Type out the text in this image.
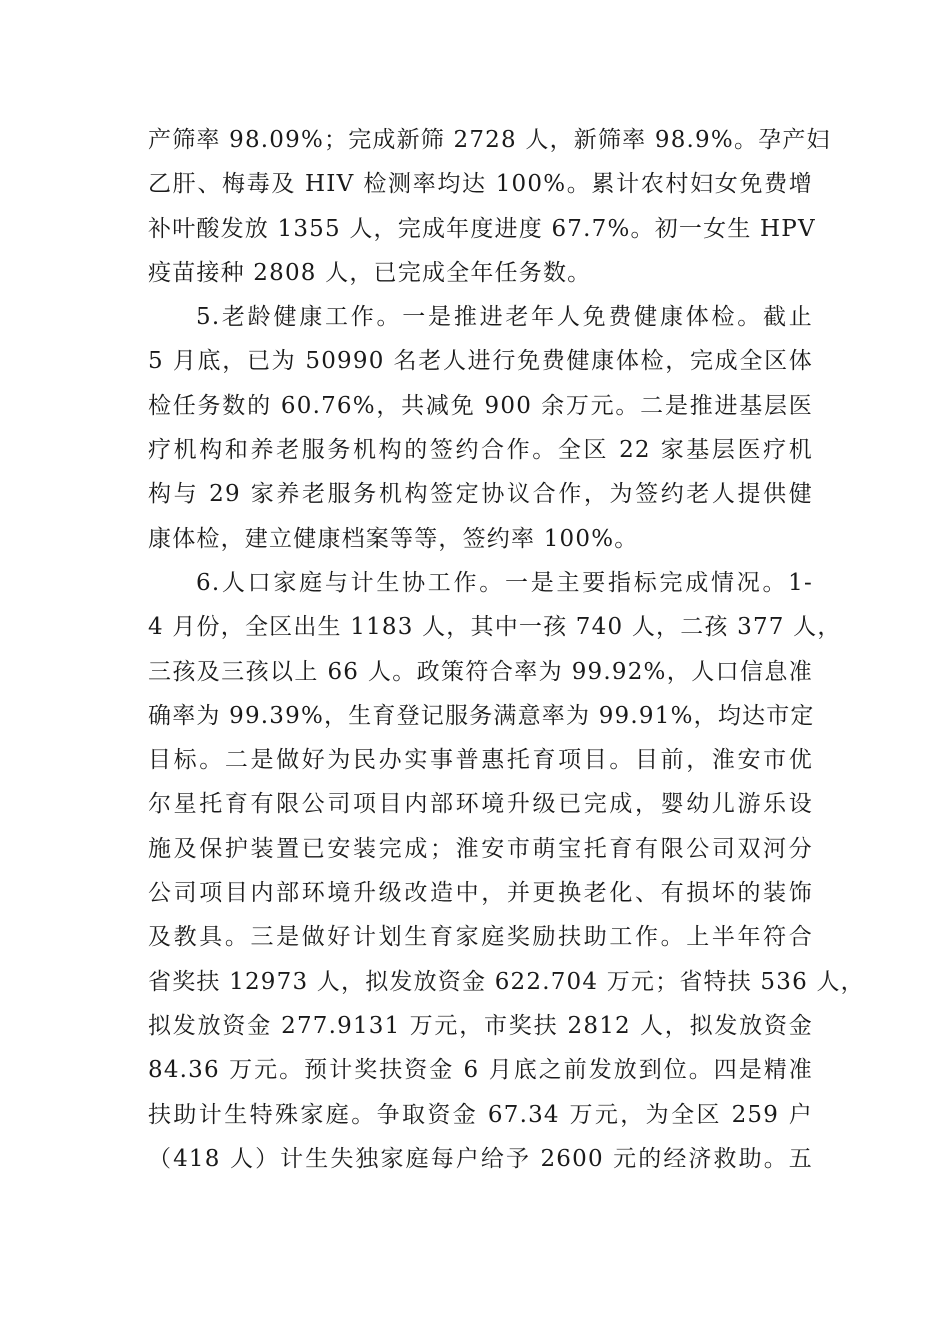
产筛率 98.09%；完成新筛 2728 人，新筛率 98.9%。孕产妇
乙肝、梅毒及 HIV 检测率均达 100%。累计农村妇女免费增
补叶酸发放 1355 人，完成年度进度 67.7%。初一女生 HPV
疫苗接种 2808 人，已完成全年任务数。
5.老龄健康工作。一是推进老年人免费健康体检。截止
5 月底，已为 50990 名老人进行免费健康体检，完成全区体
检任务数的 60.76%，共减免 900 余万元。二是推进基层医
疗机构和养老服务机构的签约合作。全区 22 家基层医疗机
构与 29 家养老服务机构签定协议合作，为签约老人提供健
康体检，建立健康档案等等，签约率 100%。
6.人口家庭与计生协工作。一是主要指标完成情况。1-
4 月份，全区出生 1183 人，其中一孩 740 人，二孩 377 人，
三孩及三孩以上 66 人。政策符合率为 99.92%，人口信息准
确率为 99.39%，生育登记服务满意率为 99.91%，均达市定
目标。二是做好为民办实事普惠托育项目。目前，淮安市优
尔星托育有限公司项目内部环境升级已完成，婴幼儿游乐设
施及保护装置已安装完成；淮安市萌宝托育有限公司双河分
公司项目内部环境升级改造中，并更换老化、有损坏的装饰
及教具。三是做好计划生育家庭奖励扶助工作。上半年符合
省奖扶 12973 人，拟发放资金 622.704 万元；省特扶 536 人，
拟发放资金 277.9131 万元，市奖扶 2812 人，拟发放资金
84.36 万元。预计奖扶资金 6 月底之前发放到位。四是精准
扶助计生特殊家庭。争取资金 67.34 万元，为全区 259 户
（418 人）计生失独家庭每户给予 2600 元的经济救助。五
